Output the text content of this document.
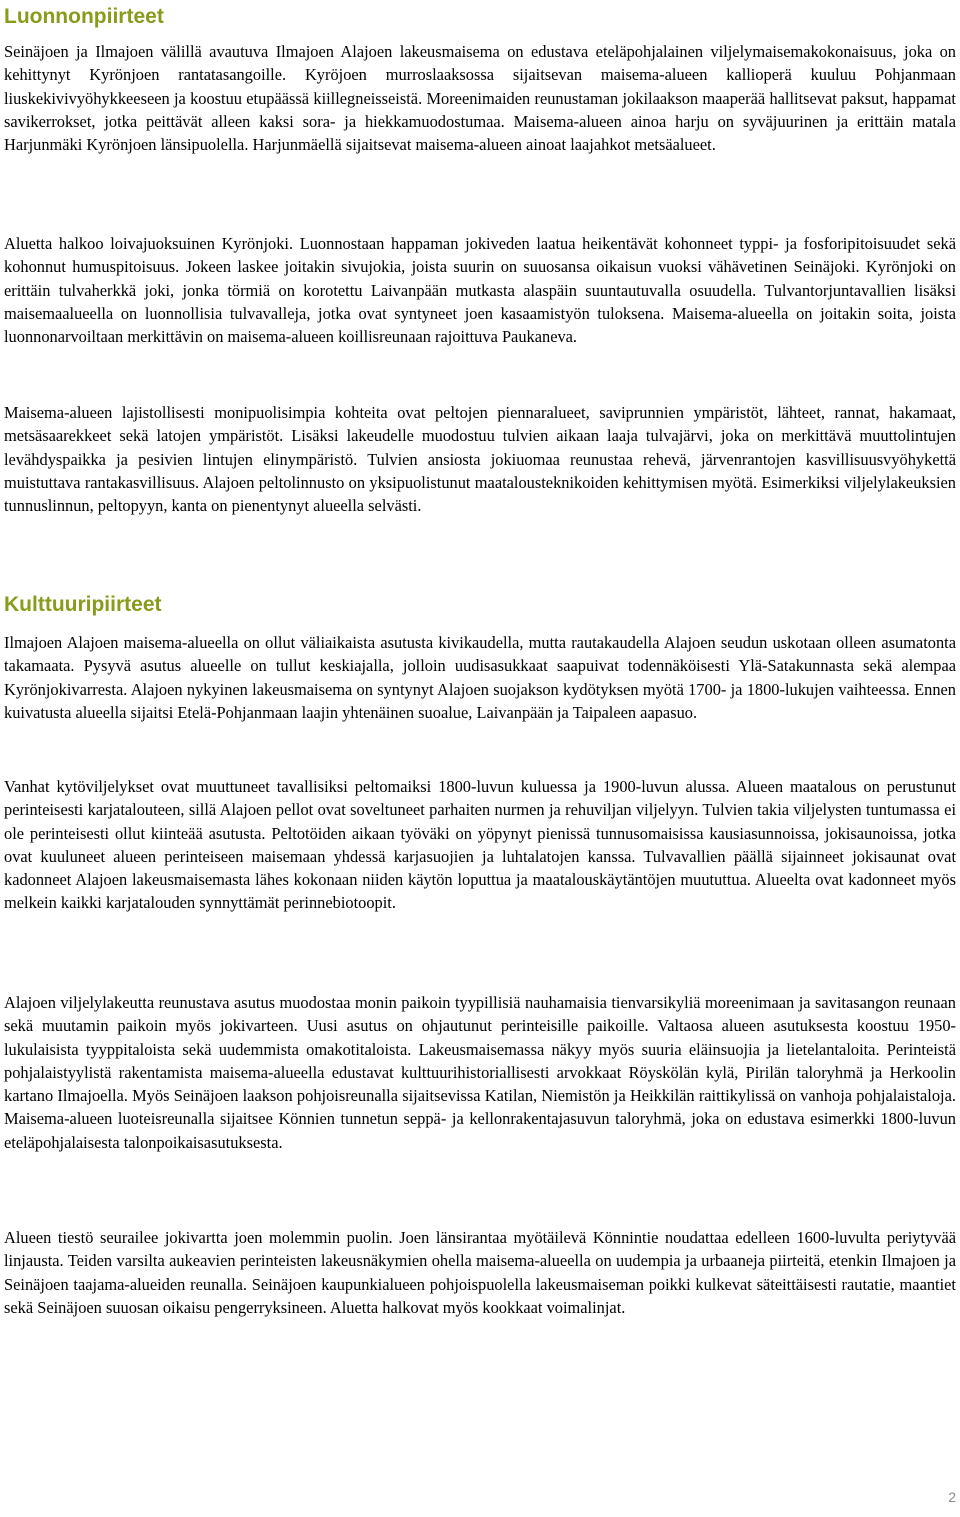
Luonnonpiirteet

Seinäjoen ja Ilmajoen välillä avautuva Ilmajoen Alajoen lakeusmaisema on edustava eteläpohjalainen viljelymaisemakokonaisuus, joka on kehittynyt Kyrönjoen rantatasangoille. Kyröjoen murroslaaksossa sijaitsevan maisema-alueen kallioperä kuuluu Pohjanmaan liuskekivivyöhykkeeseen ja koostuu etupäässä kiillegneisseistä. Moreenimaiden reunustaman jokilaakson maaperää hallitsevat paksut, happamat savikerrokset, jotka peittävät alleen kaksi sora- ja hiekkamuodostumaa. Maisema-alueen ainoa harju on syväjuurinen ja erittäin matala Harjunmäki Kyrönjoen länsipuolella. Harjunmäellä sijaitsevat maisema-alueen ainoat laajahkot metsäalueet.

Aluetta halkoo loivajuoksuinen Kyrönjoki. Luonnostaan happaman jokiveden laatua heikentävät kohonneet typpi- ja fosforipitoisuudet sekä kohonnut humuspitoisuus. Jokeen laskee joitakin sivujokia, joista suurin on suuosansa oikaisun vuoksi vähävetinen Seinäjoki. Kyrönjoki on erittäin tulvaherkkä joki, jonka törmiä on korotettu Laivanpään mutkasta alaspäin suuntautuvalla osuudella. Tulvantorjuntavallien lisäksi maisemaalueella on luonnollisia tulvavalleja, jotka ovat syntyneet joen kasaamistyön tuloksena. Maisema-alueella on joitakin soita, joista luonnonarvoiltaan merkittävin on maisema-alueen koillisreunaan rajoittuva Paukaneva.

Maisema-alueen lajistollisesti monipuolisimpia kohteita ovat peltojen piennaralueet, saviprunnien ympäristöt, lähteet, rannat, hakamaat, metsäsaarekkeet sekä latojen ympäristöt. Lisäksi lakeudelle muodostuu tulvien aikaan laaja tulvajärvi, joka on merkittävä muuttolintujen levähdyspaikka ja pesivien lintujen elinympäristö. Tulvien ansiosta jokiuomaa reunustaa rehevä, järvenrantojen kasvillisuusvyöhykettä muistuttava rantakasvillisuus. Alajoen peltolinnusto on yksipuolistunut maatalousteknikoiden kehittymisen myötä. Esimerkiksi viljelylakeuksien tunnuslinnun, peltopyyn, kanta on pienentynyt alueella selvästi.

Kulttuuripiirteet

Ilmajoen Alajoen maisema-alueella on ollut väliaikaista asutusta kivikaudella, mutta rautakaudella Alajoen seudun uskotaan olleen asumatonta takamaata. Pysyvä asutus alueelle on tullut keskiajalla, jolloin uudisasukkaat saapuivat todennäköisesti Ylä-Satakunnasta sekä alempaa Kyrönjokivarresta. Alajoen nykyinen lakeusmaisema on syntynyt Alajoen suojakson kydötyksen myötä 1700- ja 1800-lukujen vaihteessa. Ennen kuivatusta alueella sijaitsi Etelä-Pohjanmaan laajin yhtenäinen suoalue, Laivanpään ja Taipaleen aapasuo.

Vanhat kytöviljelykset ovat muuttuneet tavallisiksi peltomaiksi 1800-luvun kuluessa ja 1900-luvun alussa. Alueen maatalous on perustunut perinteisesti karjatalouteen, sillä Alajoen pellot ovat soveltuneet parhaiten nurmen ja rehuviljan viljelyyn. Tulvien takia viljelysten tuntumassa ei ole perinteisesti ollut kiinteää asutusta. Peltotöiden aikaan työväki on yöpynyt pienissä tunnusomaisissa kausiasunnoissa, jokisaunoissa, jotka ovat kuuluneet alueen perinteiseen maisemaan yhdessä karjasuojien ja luhtalatojen kanssa. Tulvavallien päällä sijainneet jokisaunat ovat kadonneet Alajoen lakeusmaisemasta lähes kokonaan niiden käytön loputtua ja maatalouskäytäntöjen muututtua. Alueelta ovat kadonneet myös melkein kaikki karjatalouden synnyttämät perinnebiotoopit.

Alajoen viljelylakeutta reunustava asutus muodostaa monin paikoin tyypillisiä nauhamaisia tienvarsikyliä moreenimaan ja savitasangon reunaan sekä muutamin paikoin myös jokivarteen. Uusi asutus on ohjautunut perinteisille paikoille. Valtaosa alueen asutuksesta koostuu 1950-lukulaisista tyyppitaloista sekä uudemmista omakotitaloista. Lakeusmaisemassa näkyy myös suuria eläinsuojia ja lietelantaloita. Perinteistä pohjalaistyylistä rakentamista maisema-alueella edustavat kulttuurihistoriallisesti arvokkaat Röyskölän kylä, Pirilän taloryhmä ja Herkoolin kartano Ilmajoella. Myös Seinäjoen laakson pohjoisreunalla sijaitsevissa Katilan, Niemistön ja Heikkilän raittikylissä on vanhoja pohjalaistaloja. Maisema-alueen luoteisreunalla sijaitsee Könnien tunnetun seppä- ja kellonrakentajasuvun taloryhmä, joka on edustava esimerkki 1800-luvun eteläpohjalaisesta talonpoikaisasutuksesta.

Alueen tiestö seurailee jokivartta joen molemmin puolin. Joen länsirantaa myötäilevä Könnintie noudattaa edelleen 1600-luvulta periytyvää linjausta. Teiden varsilta aukeavien perinteisten lakeusnäkymien ohella maisema-alueella on uudempia ja urbaaneja piirteitä, etenkin Ilmajoen ja Seinäjoen taajama-alueiden reunalla. Seinäjoen kaupunkialueen pohjoispuolella lakeusmaiseman poikki kulkevat säteittäisesti rautatie, maantiet sekä Seinäjoen suuosan oikaisu pengerryksineen. Aluetta halkovat myös kookkaat voimalinjat.

2
